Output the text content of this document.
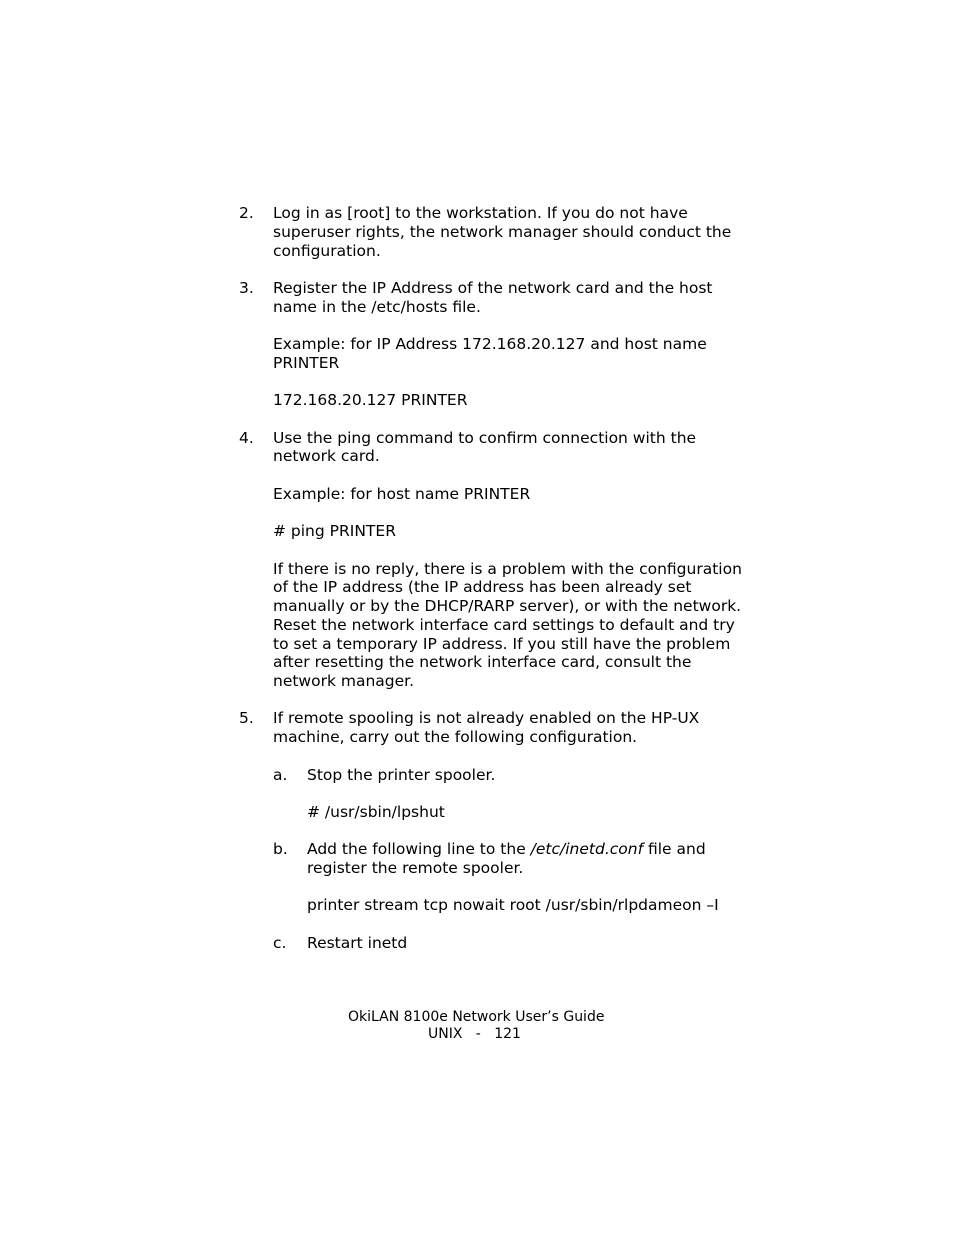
2. Log in as [root] to the workstation. If you do not have
superuser rights, the network manager should conduct the
configuration.
3. Register the IP Address of the network card and the host
name in the /etc/hosts file.
Example: for IP Address 172.168.20.127 and host name
PRINTER
172.168.20.127 PRINTER
4. Use the ping command to confirm connection with the
network card.
Example: for host name PRINTER
# ping PRINTER
If there is no reply, there is a problem with the configuration
of the IP address (the IP address has been already set
manually or by the DHCP/RARP server), or with the network.
Reset the network interface card settings to default and try
to set a temporary IP address. If you still have the problem
after resetting the network interface card, consult the
network manager.
5. If remote spooling is not already enabled on the HP-UX
machine, carry out the following configuration.
a. Stop the printer spooler.
# /usr/sbin/lpshut
b. Add the following line to the /etc/inetd.conf file and
register the remote spooler.
printer stream tcp nowait root /usr/sbin/rlpdameon –I
c. Restart inetd
OkiLAN 8100e Network User’s Guide
UNIX   -   121
